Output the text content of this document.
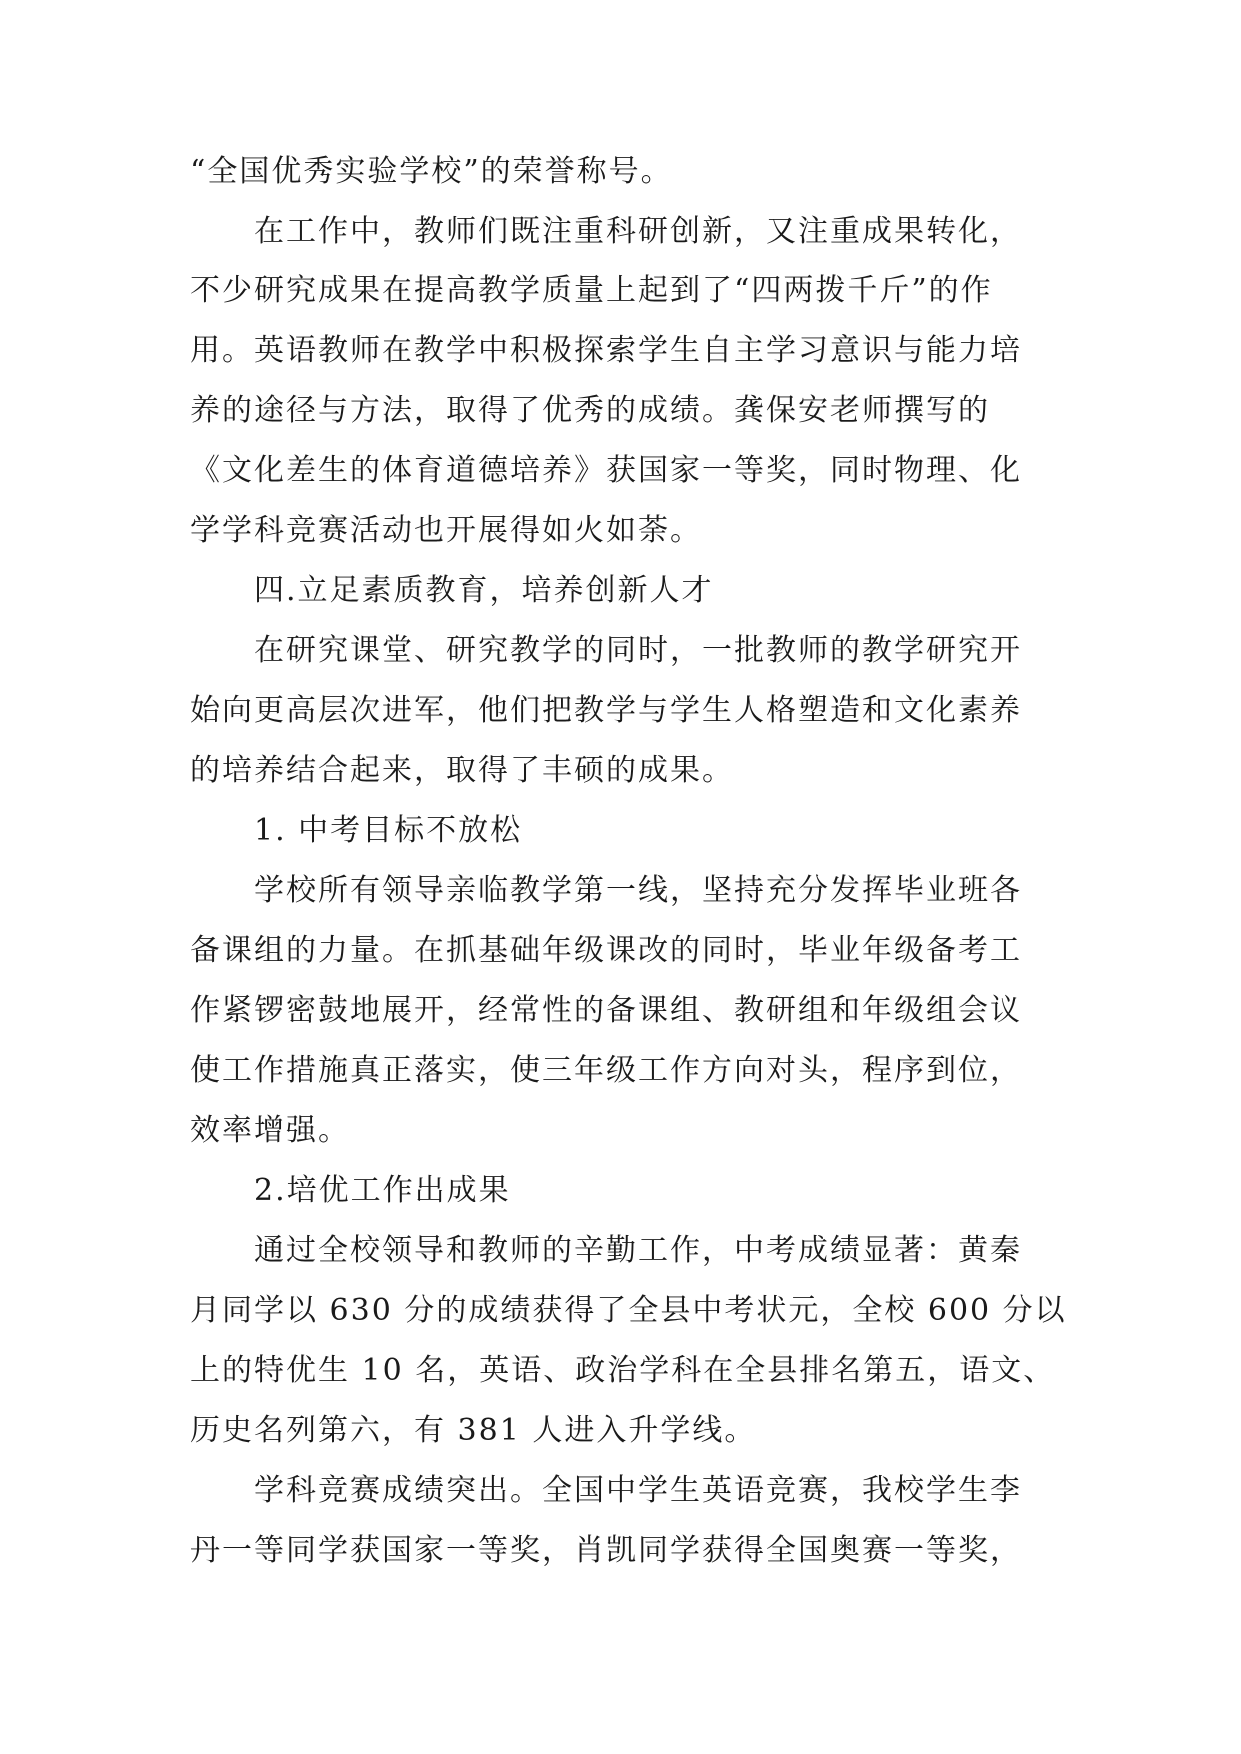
“全国优秀实验学校”的荣誉称号。
在工作中，教师们既注重科研创新，又注重成果转化，
不少研究成果在提高教学质量上起到了“四两拨千斤”的作
用。英语教师在教学中积极探索学生自主学习意识与能力培
养的途径与方法，取得了优秀的成绩。龚保安老师撰写的
《文化差生的体育道德培养》获国家一等奖，同时物理、化
学学科竞赛活动也开展得如火如荼。
四.立足素质教育，培养创新人才
在研究课堂、研究教学的同时，一批教师的教学研究开
始向更高层次进军，他们把教学与学生人格塑造和文化素养
的培养结合起来，取得了丰硕的成果。
1. 中考目标不放松
学校所有领导亲临教学第一线，坚持充分发挥毕业班各
备课组的力量。在抓基础年级课改的同时，毕业年级备考工
作紧锣密鼓地展开，经常性的备课组、教研组和年级组会议
使工作措施真正落实，使三年级工作方向对头，程序到位，
效率增强。
2.培优工作出成果
通过全校领导和教师的辛勤工作，中考成绩显著：黄秦
月同学以 630 分的成绩获得了全县中考状元，全校 600 分以
上的特优生 10 名，英语、政治学科在全县排名第五，语文、
历史名列第六，有 381 人进入升学线。
学科竞赛成绩突出。全国中学生英语竞赛，我校学生李
丹一等同学获国家一等奖，肖凯同学获得全国奥赛一等奖，
